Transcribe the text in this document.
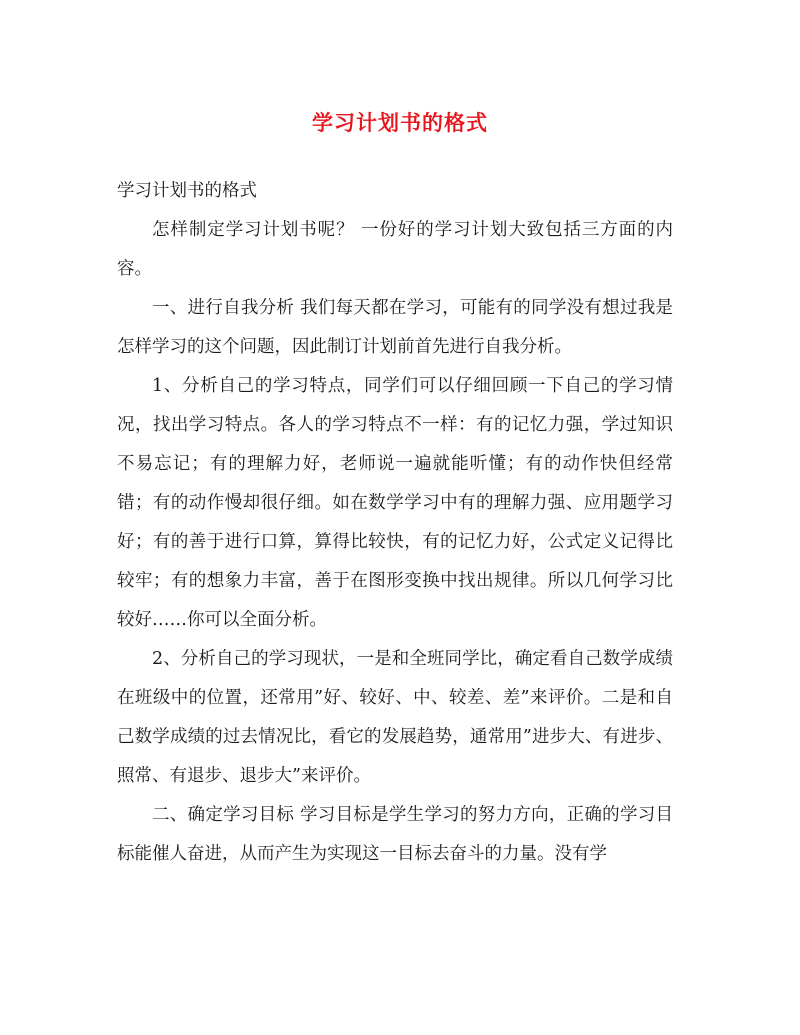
学习计划书的格式

学习计划书的格式

怎样制定学习计划书呢？ 一份好的学习计划大致包括三方面的内容。

一、进行自我分析 我们每天都在学习，可能有的同学没有想过我是怎样学习的这个问题，因此制订计划前首先进行自我分析。

1、分析自己的学习特点，同学们可以仔细回顾一下自己的学习情况，找出学习特点。各人的学习特点不一样：有的记忆力强，学过知识不易忘记；有的理解力好，老师说一遍就能听懂；有的动作快但经常错；有的动作慢却很仔细。如在数学学习中有的理解力强、应用题学习好；有的善于进行口算，算得比较快，有的记忆力好，公式定义记得比较牢；有的想象力丰富，善于在图形变换中找出规律。所以几何学习比较好……你可以全面分析。

2、分析自己的学习现状，一是和全班同学比，确定看自己数学成绩在班级中的位置，还常用”好、较好、中、较差、差”来评价。二是和自己数学成绩的过去情况比，看它的发展趋势，通常用”进步大、有进步、照常、有退步、退步大”来评价。

二、确定学习目标 学习目标是学生学习的努力方向，正确的学习目标能催人奋进，从而产生为实现这一目标去奋斗的力量。没有学
